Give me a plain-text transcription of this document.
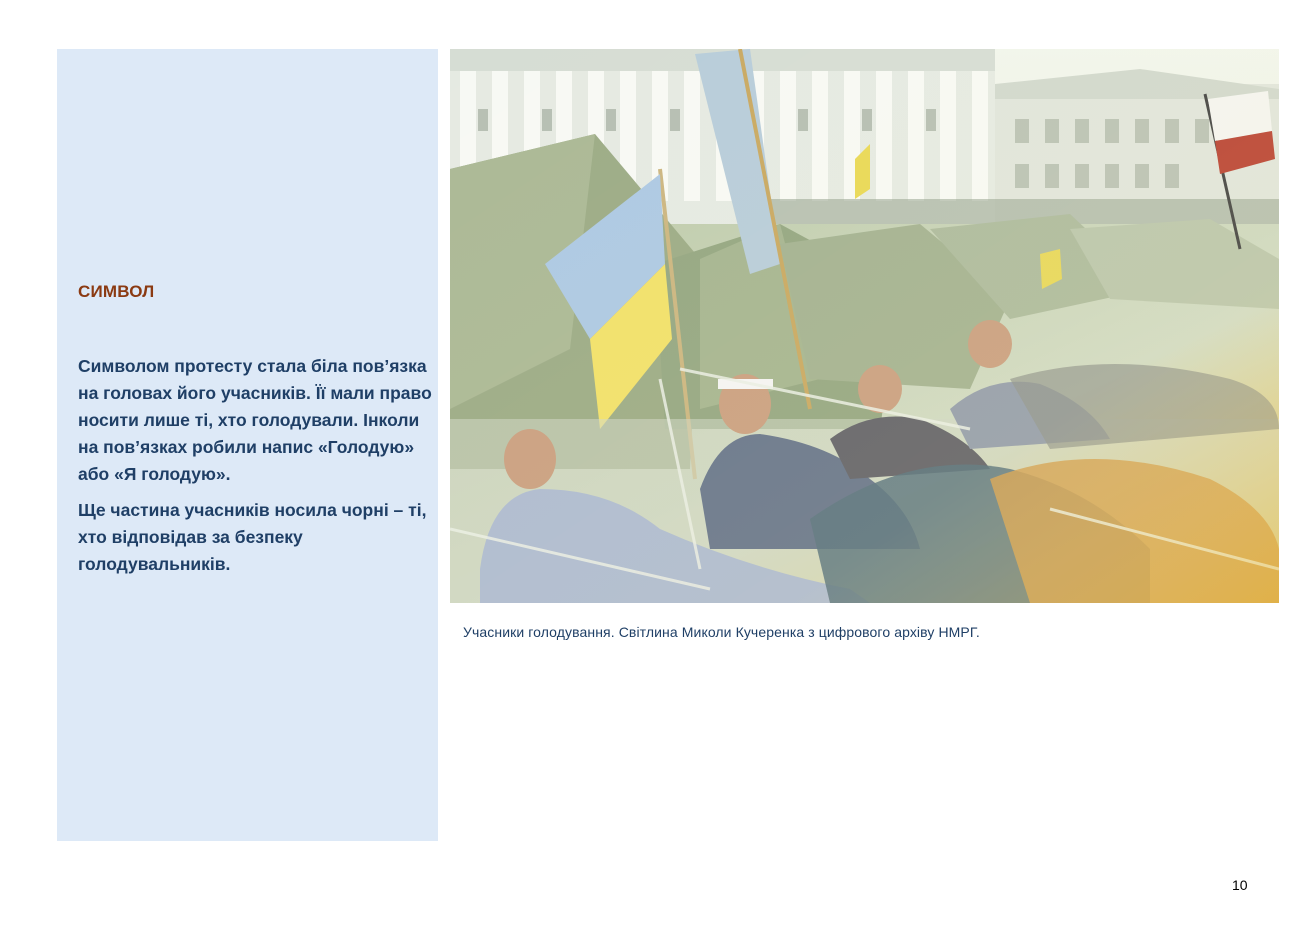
СИМВОЛ

Символом протесту стала біла пов’язка на головах його учасників. Її мали право носити лише ті, хто голодували. Інколи на пов’язках робили напис «Голодую» або «Я голодую».

Ще частина учасників носила чорні – ті, хто відповідав за безпеку голодувальників.

Учасники голодування. Світлина Миколи Кучеренка з цифрового архіву НМРГ.
10
